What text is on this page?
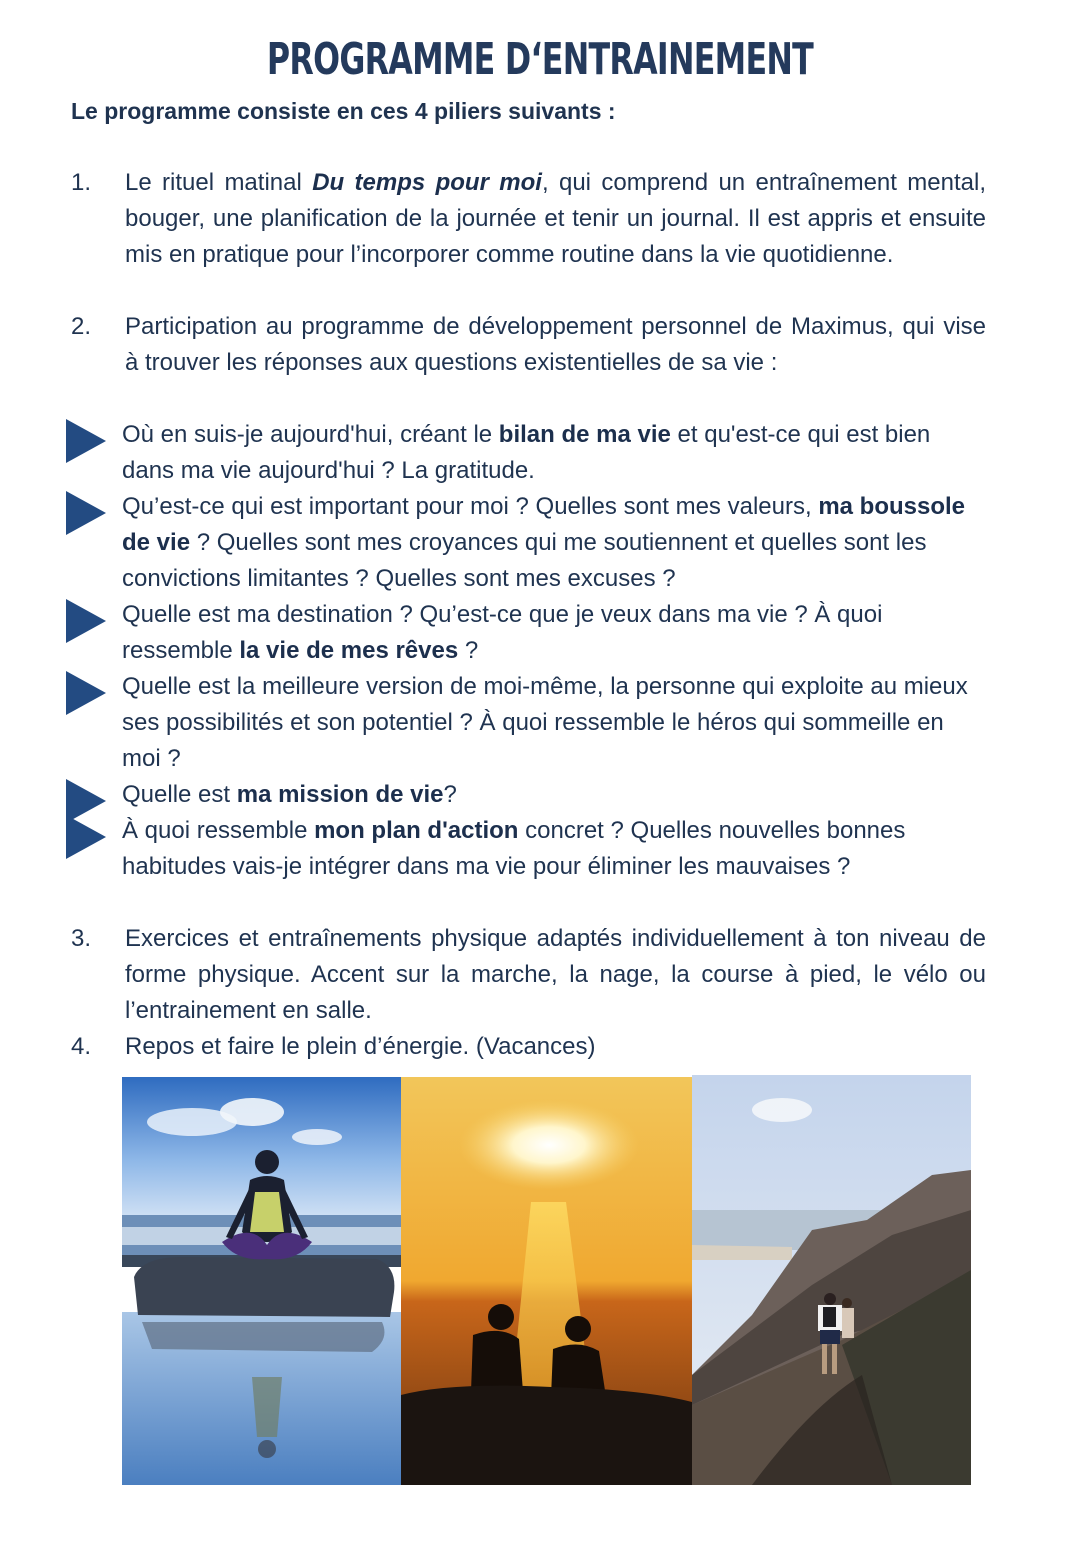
PROGRAMME D‘ENTRAINEMENT
Le programme consiste en ces 4 piliers suivants :
1.	Le rituel matinal Du temps pour moi, qui comprend un entraînement mental, bouger, une planification de la journée et tenir un journal. Il est appris et ensuite mis en pratique pour l’incorporer comme routine dans la vie quotidienne.
2.	Participation au programme de développement personnel de Maximus, qui vise à trouver les réponses aux questions existentielles de sa vie :
Où en suis-je aujourd'hui, créant le bilan de ma vie et qu'est-ce qui est bien dans ma vie aujourd'hui ? La gratitude.
Qu’est-ce qui est important pour moi ? Quelles sont mes valeurs, ma boussole de vie ? Quelles sont mes croyances qui me soutiennent et quelles sont les convictions limitantes ? Quelles sont mes excuses ?
Quelle est ma destination ? Qu’est-ce que je veux dans ma vie ? À quoi ressemble la vie de mes rêves ?
Quelle est la meilleure version de moi-même, la personne qui exploite au mieux ses possibilités et son potentiel ? À quoi ressemble le héros qui sommeille en moi ?
Quelle est ma mission de vie?
À quoi ressemble mon plan d'action concret ? Quelles nouvelles bonnes habitudes vais-je intégrer dans ma vie pour éliminer les mauvaises ?
3.	Exercices et entraînements physique adaptés individuellement à ton niveau de forme physique. Accent sur la marche, la nage, la course à pied, le vélo ou l’entrainement en salle.
4.	Repos et faire le plein d’énergie. (Vacances)
